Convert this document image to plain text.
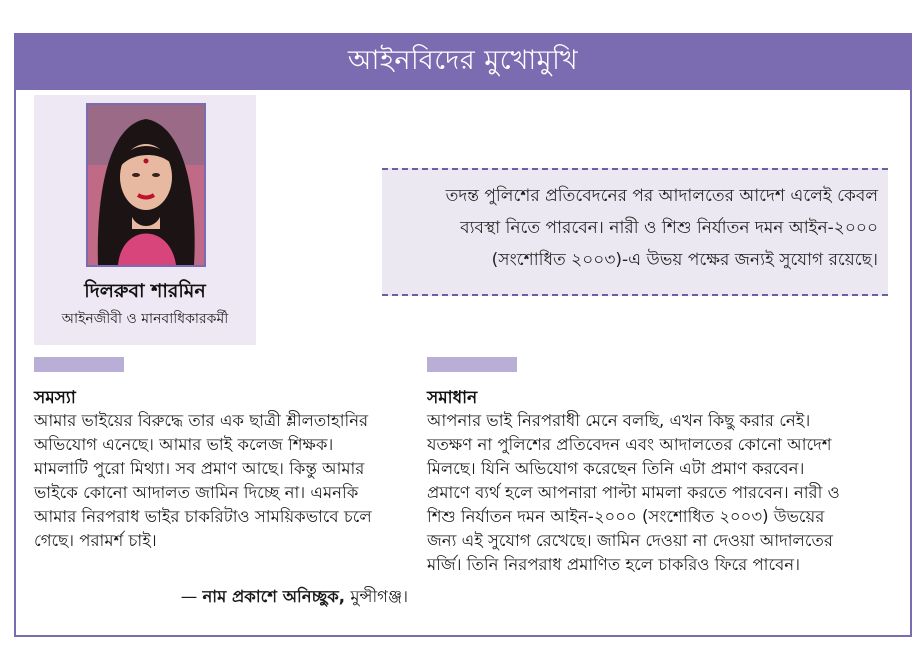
আইনবিদের মুখোমুখি
দিলরুবা শারমিন
আইনজীবী ও মানবাধিকারকর্মী
তদন্ত পুলিশের প্রতিবেদনের পর আদালতের আদেশ এলেই কেবল
ব্যবস্থা নিতে পারবেন। নারী ও শিশু নির্যাতন দমন আইন-২০০০
(সংশোধিত ২০০৩)-এ উভয় পক্ষের জন্যই সুযোগ রয়েছে।
সমস্যা
আমার ভাইয়ের বিরুদ্ধে তার এক ছাত্রী শ্লীলতাহানির
অভিযোগ এনেছে। আমার ভাই কলেজ শিক্ষক।
মামলাটি পুরো মিথ্যা। সব প্রমাণ আছে। কিন্তু আমার
ভাইকে কোনো আদালত জামিন দিচ্ছে না। এমনকি
আমার নিরপরাধ ভাইর চাকরিটাও সাময়িকভাবে চলে
গেছে। পরামর্শ চাই।
— নাম প্রকাশে অনিচ্ছুক, মুন্সীগঞ্জ।
সমাধান
আপনার ভাই নিরপরাধী মেনে বলছি, এখন কিছু করার নেই।
যতক্ষণ না পুলিশের প্রতিবেদন এবং আদালতের কোনো আদেশ
মিলছে। যিনি অভিযোগ করেছেন তিনি এটা প্রমাণ করবেন।
প্রমাণে ব্যর্থ হলে আপনারা পাল্টা মামলা করতে পারবেন। নারী ও
শিশু নির্যাতন দমন আইন-২০০০ (সংশোধিত ২০০৩) উভয়ের
জন্য এই সুযোগ রেখেছে। জামিন দেওয়া না দেওয়া আদালতের
মর্জি। তিনি নিরপরাধ প্রমাণিত হলে চাকরিও ফিরে পাবেন।
